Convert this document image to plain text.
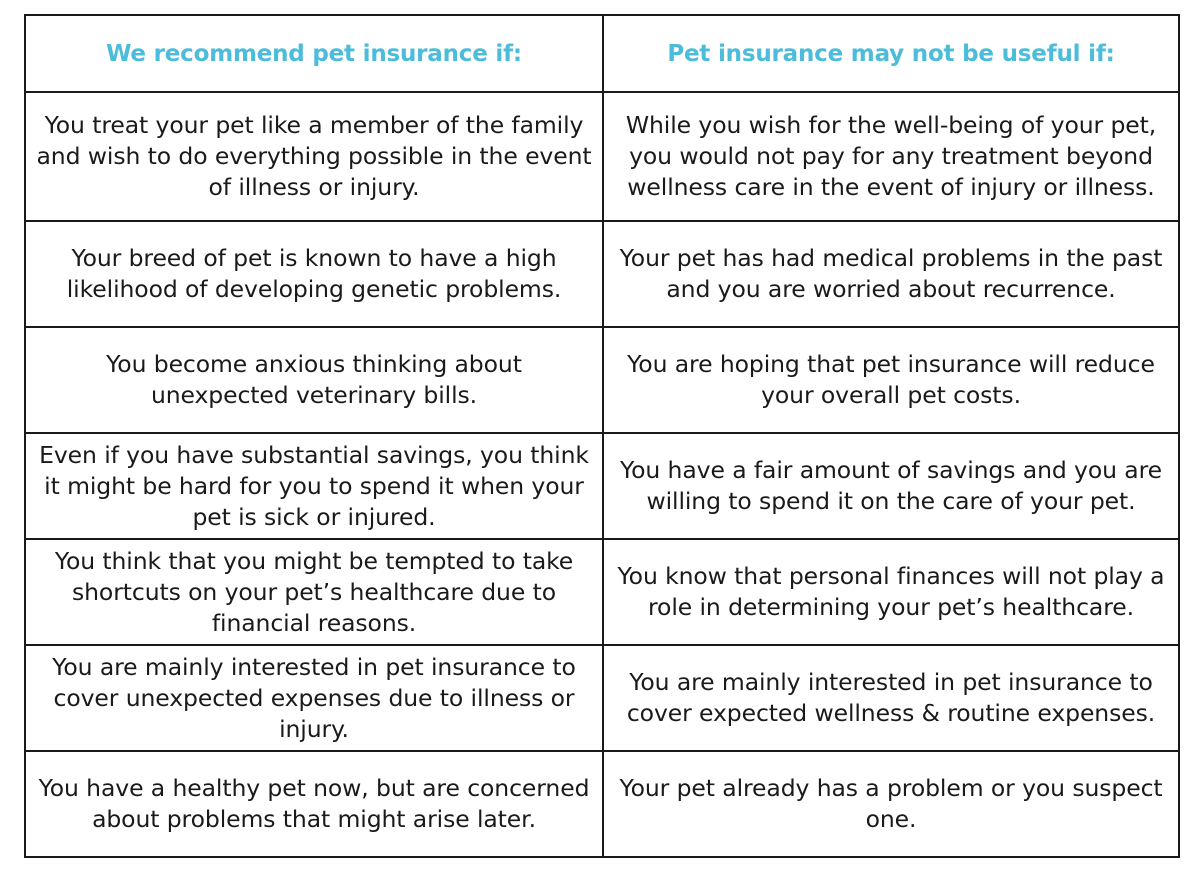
We recommend pet insurance if:	Pet insurance may not be useful if:
You treat your pet like a member of the family and wish to do everything possible in the event of illness or injury.	While you wish for the well-being of your pet, you would not pay for any treatment beyond wellness care in the event of injury or illness.
Your breed of pet is known to have a high likelihood of developing genetic problems.	Your pet has had medical problems in the past and you are worried about recurrence.
You become anxious thinking about unexpected veterinary bills.	You are hoping that pet insurance will reduce your overall pet costs.
Even if you have substantial savings, you think it might be hard for you to spend it when your pet is sick or injured.	You have a fair amount of savings and you are willing to spend it on the care of your pet.
You think that you might be tempted to take shortcuts on your pet’s healthcare due to financial reasons.	You know that personal finances will not play a role in determining your pet’s healthcare.
You are mainly interested in pet insurance to cover unexpected expenses due to illness or injury.	You are mainly interested in pet insurance to cover expected wellness & routine expenses.
You have a healthy pet now, but are concerned about problems that might arise later.	Your pet already has a problem or you suspect one.
